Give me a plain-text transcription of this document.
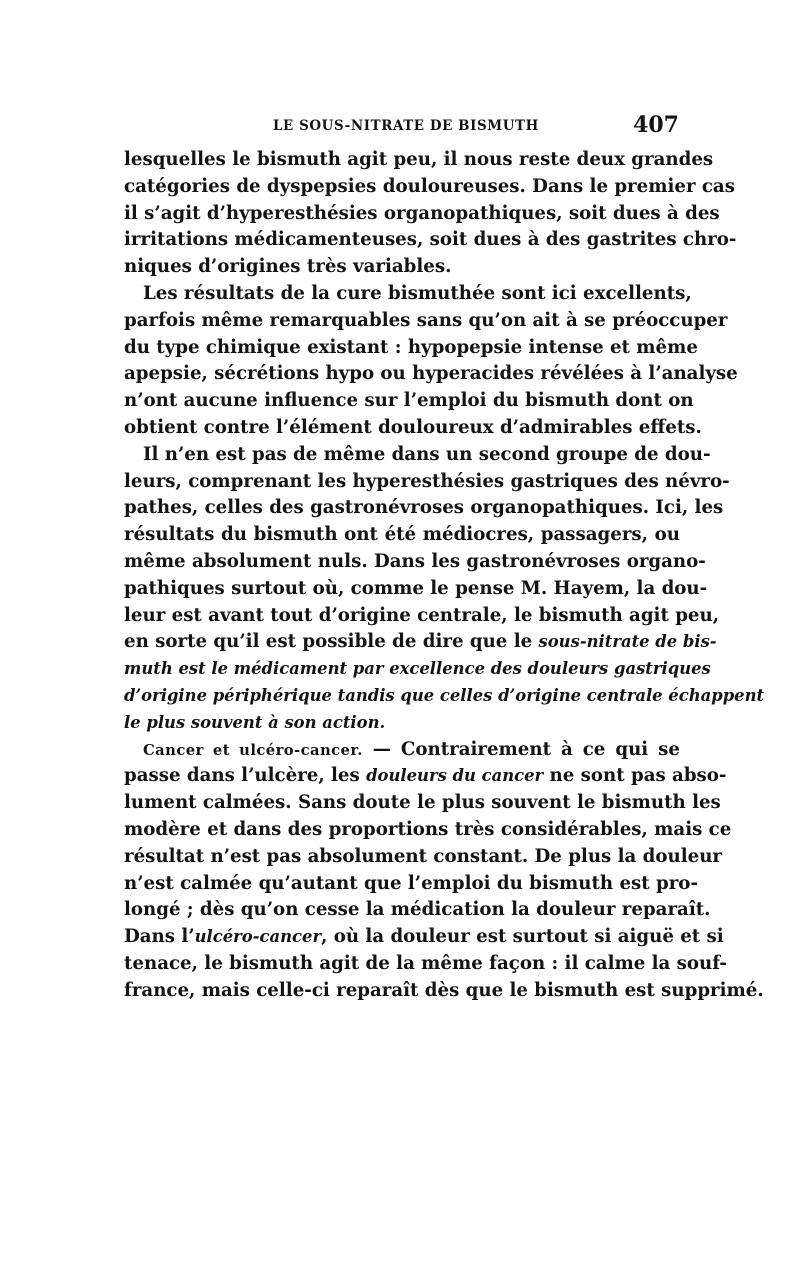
LE SOUS-NITRATE DE BISMUTH	407
lesquelles le bismuth agit peu, il nous reste deux grandes
catégories de dyspepsies douloureuses. Dans le premier cas
il s’agit d’hyperesthésies organopathiques, soit dues à des
irritations médicamenteuses, soit dues à des gastrites chro-
niques d’origines très variables.
Les résultats de la cure bismuthée sont ici excellents,
parfois même remarquables sans qu’on ait à se préoccuper
du type chimique existant : hypopepsie intense et même
apepsie, sécrétions hypo ou hyperacides révélées à l’analyse
n’ont aucune influence sur l’emploi du bismuth dont on
obtient contre l’élément douloureux d’admirables effets.
Il n’en est pas de même dans un second groupe de dou-
leurs, comprenant les hyperesthésies gastriques des névro-
pathes, celles des gastronévroses organopathiques. Ici, les
résultats du bismuth ont été médiocres, passagers, ou
même absolument nuls. Dans les gastronévroses organo-
pathiques surtout où, comme le pense M. Hayem, la dou-
leur est avant tout d’origine centrale, le bismuth agit peu,
en sorte qu’il est possible de dire que le sous-nitrate de bis-
muth est le médicament par excellence des douleurs gastriques
d’origine périphérique tandis que celles d’origine centrale échappent
le plus souvent à son action.
Cancer et ulcéro-cancer. — Contrairement à ce qui se
passe dans l’ulcère, les douleurs du cancer ne sont pas abso-
lument calmées. Sans doute le plus souvent le bismuth les
modère et dans des proportions très considérables, mais ce
résultat n’est pas absolument constant. De plus la douleur
n’est calmée qu’autant que l’emploi du bismuth est pro-
longé ; dès qu’on cesse la médication la douleur reparaît.
Dans l’ulcéro-cancer, où la douleur est surtout si aiguë et si
tenace, le bismuth agit de la même façon : il calme la souf-
france, mais celle-ci reparaît dès que le bismuth est supprimé.
